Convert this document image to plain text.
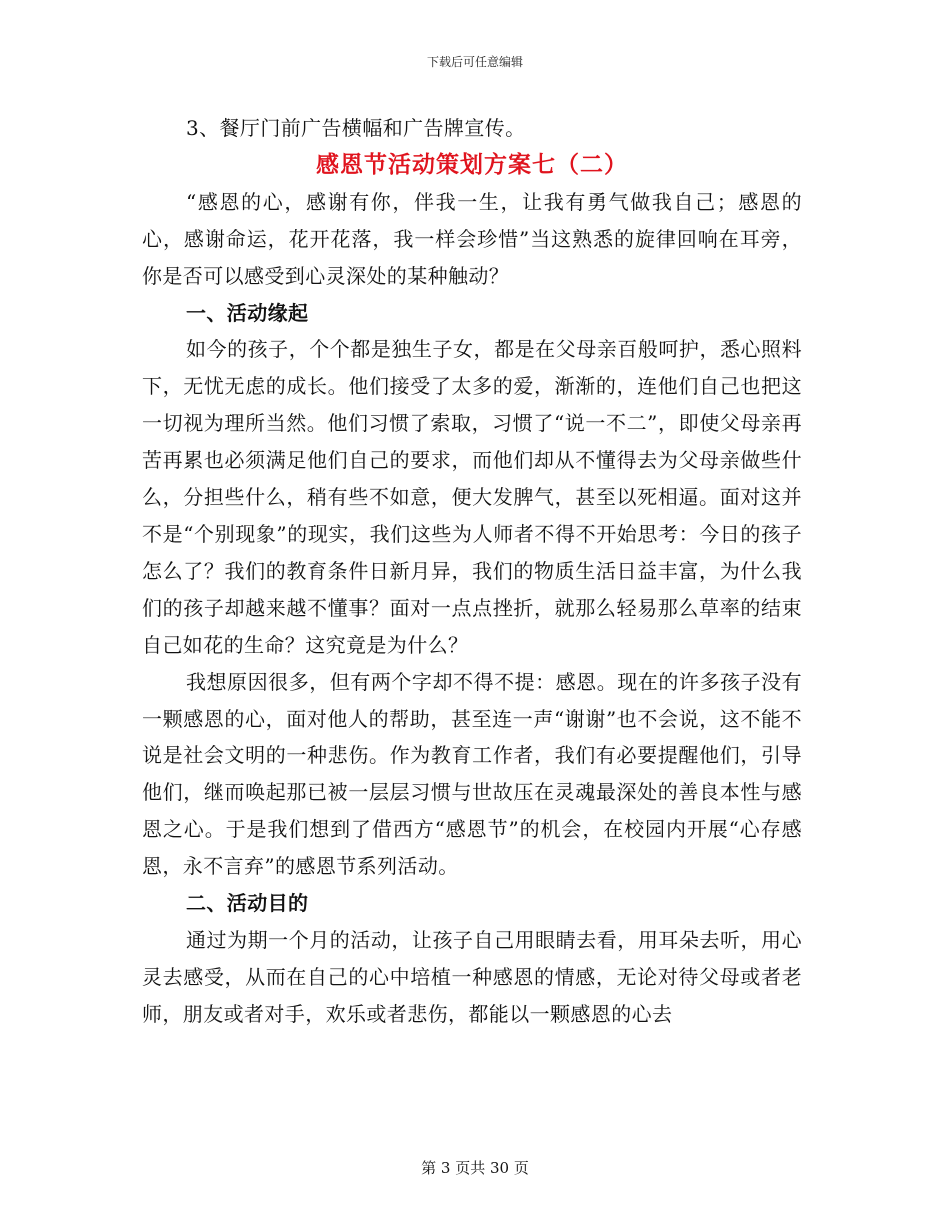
下载后可任意编辑

3、餐厅门前广告横幅和广告牌宣传。

感恩节活动策划方案七（二）

“感恩的心，感谢有你，伴我一生，让我有勇气做我自己；感恩的心，感谢命运，花开花落，我一样会珍惜”当这熟悉的旋律回响在耳旁，你是否可以感受到心灵深处的某种触动？

一、活动缘起

如今的孩子，个个都是独生子女，都是在父母亲百般呵护，悉心照料下，无忧无虑的成长。他们接受了太多的爱，渐渐的，连他们自己也把这一切视为理所当然。他们习惯了索取，习惯了“说一不二”，即使父母亲再苦再累也必须满足他们自己的要求，而他们却从不懂得去为父母亲做些什么，分担些什么，稍有些不如意，便大发脾气，甚至以死相逼。面对这并不是“个别现象”的现实，我们这些为人师者不得不开始思考：今日的孩子怎么了？我们的教育条件日新月异，我们的物质生活日益丰富，为什么我们的孩子却越来越不懂事？面对一点点挫折，就那么轻易那么草率的结束自己如花的生命？这究竟是为什么？

我想原因很多，但有两个字却不得不提：感恩。现在的许多孩子没有一颗感恩的心，面对他人的帮助，甚至连一声“谢谢”也不会说，这不能不说是社会文明的一种悲伤。作为教育工作者，我们有必要提醒他们，引导他们，继而唤起那已被一层层习惯与世故压在灵魂最深处的善良本性与感恩之心。于是我们想到了借西方“感恩节”的机会，在校园内开展“心存感恩，永不言弃”的感恩节系列活动。

二、活动目的

通过为期一个月的活动，让孩子自己用眼睛去看，用耳朵去听，用心灵去感受，从而在自己的心中培植一种感恩的情感，无论对待父母或者老师，朋友或者对手，欢乐或者悲伤，都能以一颗感恩的心去

第 3 页共 30 页
